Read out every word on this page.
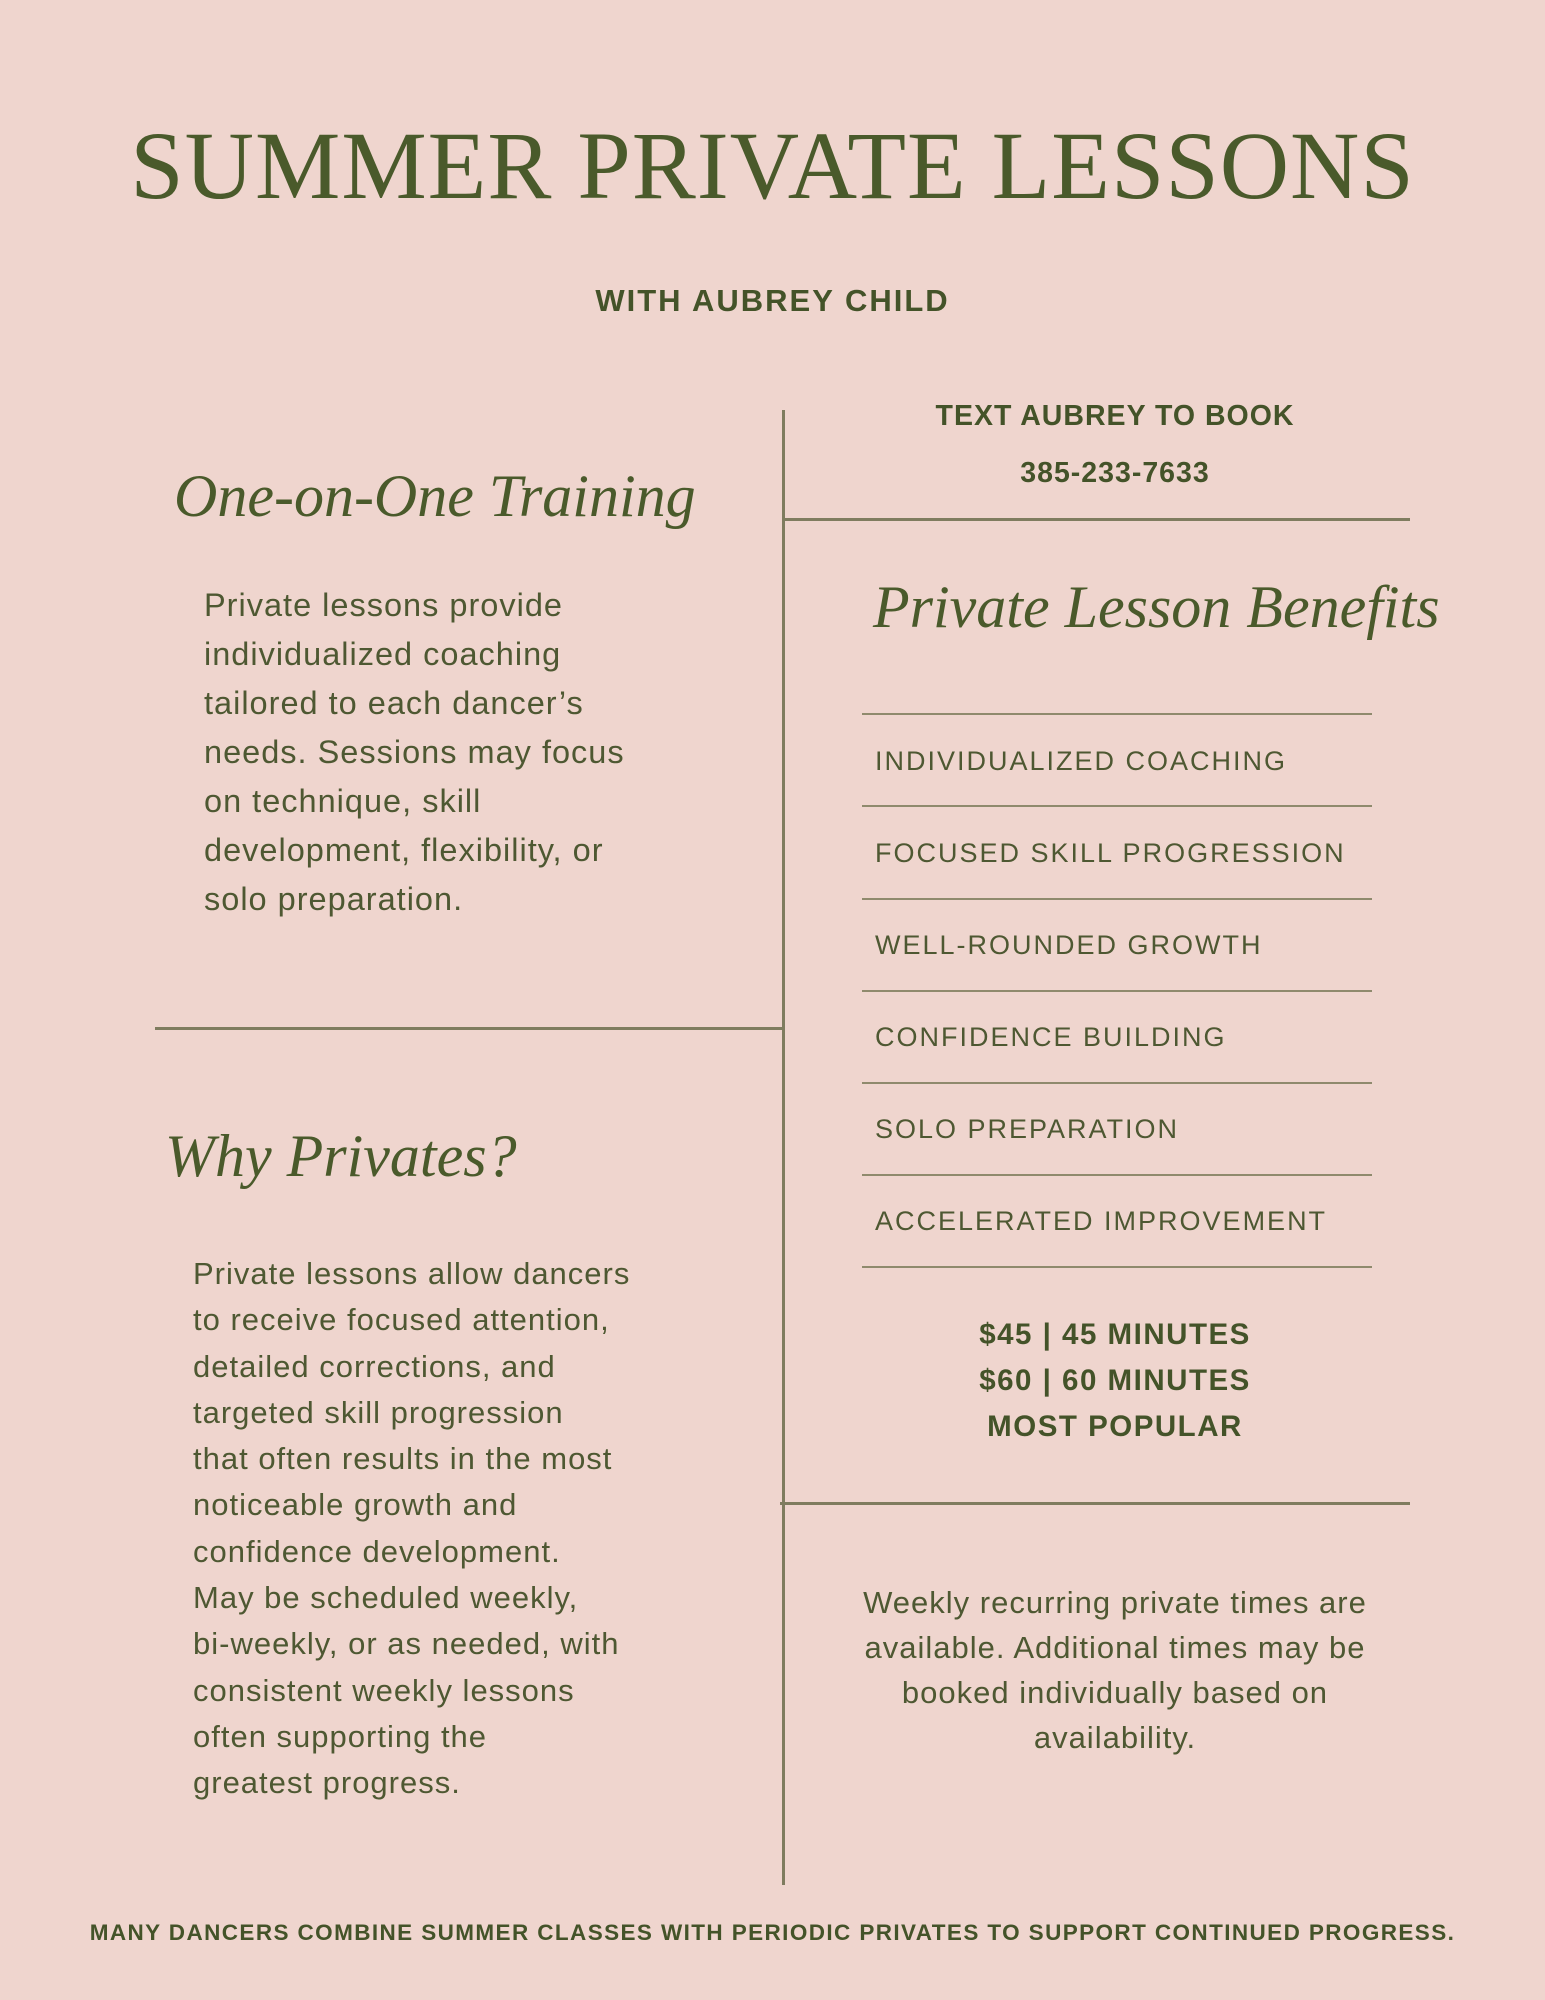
SUMMER PRIVATE LESSONS
WITH AUBREY CHILD
TEXT AUBREY TO BOOK
385-233-7633
One-on-One Training
Private lessons provide
individualized coaching
tailored to each dancer’s
needs. Sessions may focus
on technique, skill
development, flexibility, or
solo preparation.
Why Privates?
Private lessons allow dancers
to receive focused attention,
detailed corrections, and
targeted skill progression
that often results in the most
noticeable growth and
confidence development.
May be scheduled weekly,
bi-weekly, or as needed, with
consistent weekly lessons
often supporting the
greatest progress.
Private Lesson Benefits
INDIVIDUALIZED COACHING
FOCUSED SKILL PROGRESSION
WELL-ROUNDED GROWTH
CONFIDENCE BUILDING
SOLO PREPARATION
ACCELERATED IMPROVEMENT
$45 | 45 MINUTES
$60 | 60 MINUTES
MOST POPULAR
Weekly recurring private times are
available. Additional times may be
booked individually based on
availability.
MANY DANCERS COMBINE SUMMER CLASSES WITH PERIODIC PRIVATES TO SUPPORT CONTINUED PROGRESS.
